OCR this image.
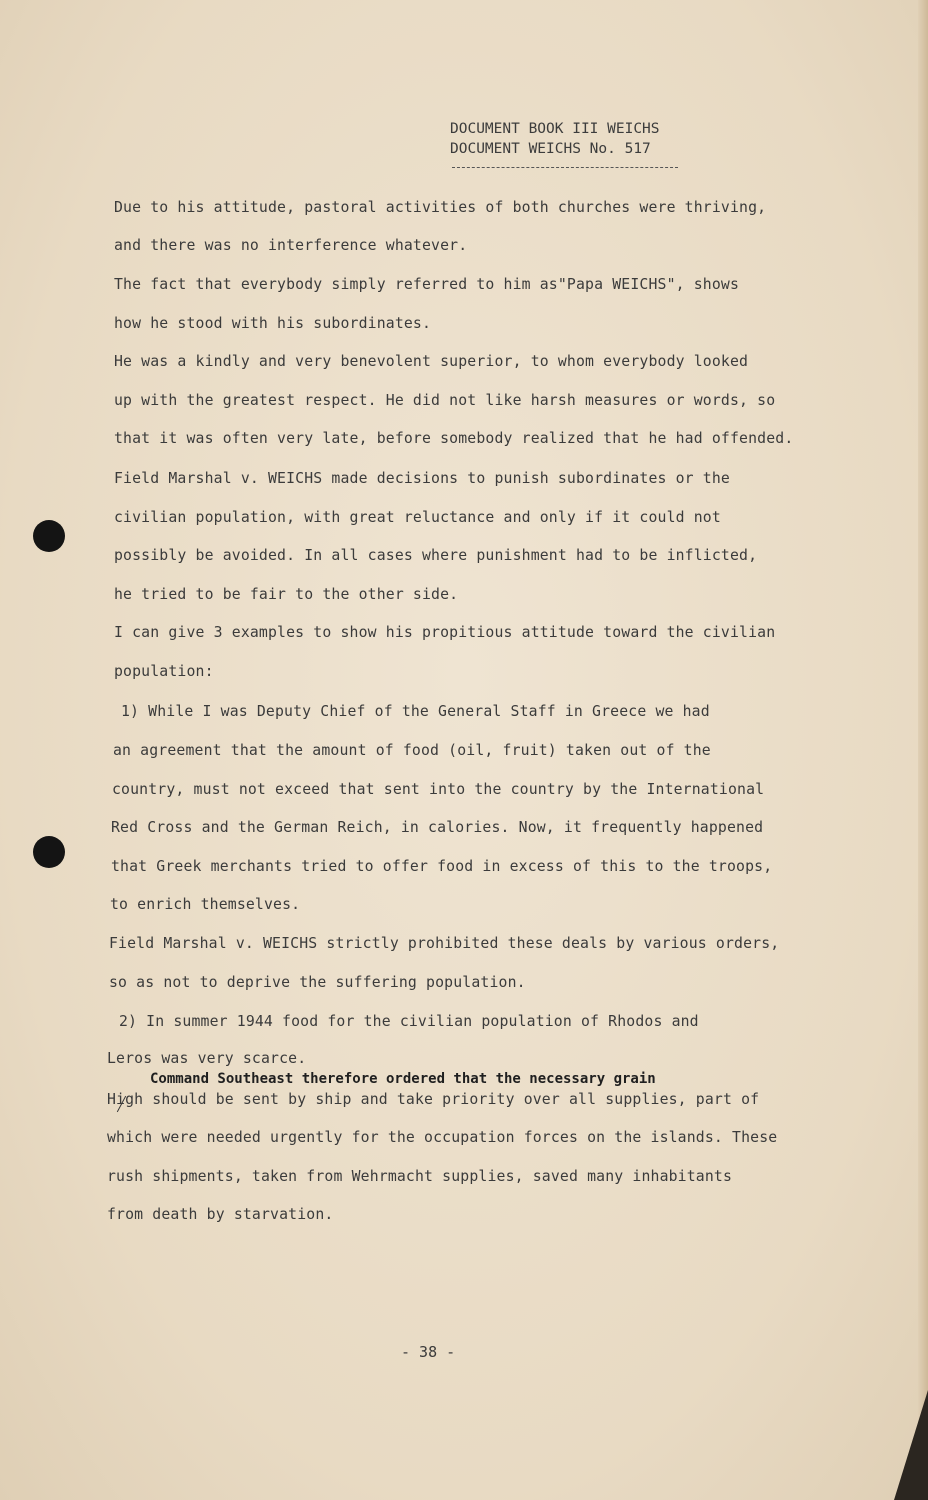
DOCUMENT BOOK III WEICHS
DOCUMENT WEICHS No. 517
Due to his attitude, pastoral activities of both churches were thriving,
and there was no interference whatever.
The fact that everybody simply referred to him as"Papa WEICHS", shows
how he stood with his subordinates.
He was a kindly and very benevolent superior, to whom everybody looked
up with the greatest respect. He did not like harsh measures or words, so
that it was often very late, before somebody realized that he had offended.
Field Marshal v. WEICHS made decisions to punish subordinates or the
civilian population, with great reluctance and only if it could not
possibly be avoided. In all cases where punishment had to be inflicted,
he tried to be fair to the other side.
I can give 3 examples to show his propitious attitude toward the civilian
population:
1) While I was Deputy Chief of the General Staff in Greece we had
an agreement that the amount of food (oil, fruit) taken out of the
country, must not exceed that sent into the country by the International
Red Cross and the German Reich, in calories. Now, it frequently happened
that Greek merchants tried to offer food in excess of this to the troops,
to enrich themselves.
Field Marshal v. WEICHS strictly prohibited these deals by various orders,
so as not to deprive the suffering population.
2) In summer 1944 food for the civilian population of Rhodos and
Leros was very scarce.
Command Southeast therefore ordered that the necessary grain
High should be sent by ship and take priority over all supplies, part of
which were needed urgently for the occupation forces on the islands. These
rush shipments, taken from Wehrmacht supplies, saved many inhabitants
from death by starvation.
- 38 -
